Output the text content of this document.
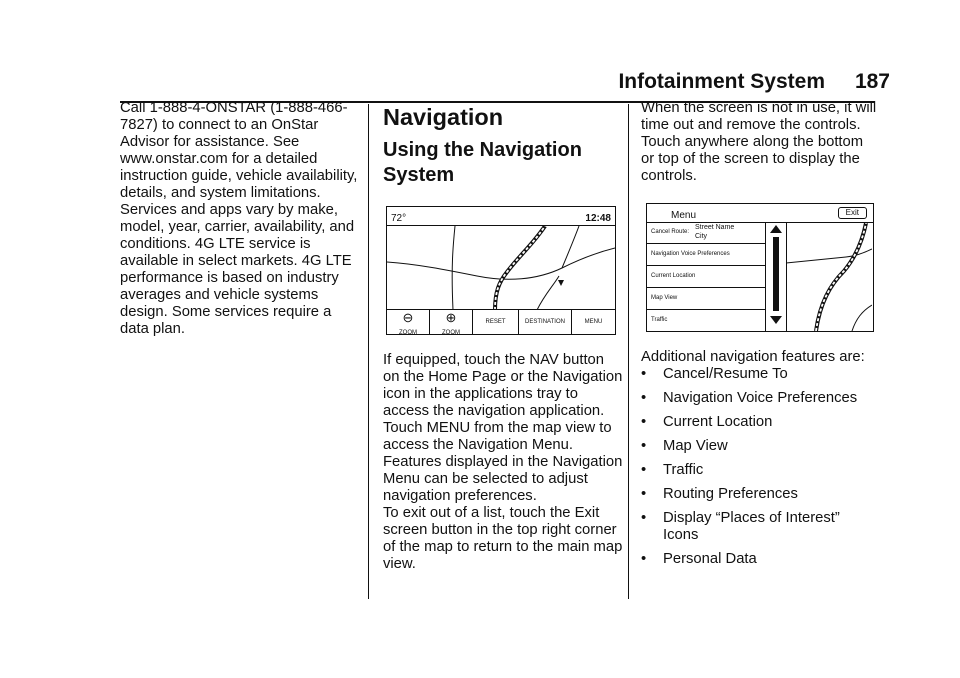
Infotainment System 187

Call 1-888-4-ONSTAR (1-888-466-7827) to connect to an OnStar Advisor for assistance. See www.onstar.com for a detailed instruction guide, vehicle availability, details, and system limitations. Services and apps vary by make, model, year, carrier, availability, and conditions. 4G LTE service is available in select markets. 4G LTE performance is based on industry averages and vehicle systems design. Some services require a data plan.

Navigation
Using the Navigation System
72°	12:48
⊖
ZOOM
⊕
ZOOM
RESET	DESTINATION	MENU

If equipped, touch the NAV button on the Home Page or the Navigation icon in the applications tray to access the navigation application.

Touch MENU from the map view to access the Navigation Menu. Features displayed in the Navigation Menu can be selected to adjust navigation preferences.

To exit out of a list, touch the Exit screen button in the top right corner of the map to return to the main map view.

When the screen is not in use, it will time out and remove the controls. Touch anywhere along the bottom or top of the screen to display the controls.

Menu	Exit
Cancel Route:
Street Name
City
Navigation Voice Preferences
Current Location
Map View
Traffic

Additional navigation features are:

•	Cancel/Resume To
•	Navigation Voice Preferences
•	Current Location
•	Map View
•	Traffic
•	Routing Preferences
•	Display “Places of Interest” Icons
•	Personal Data
